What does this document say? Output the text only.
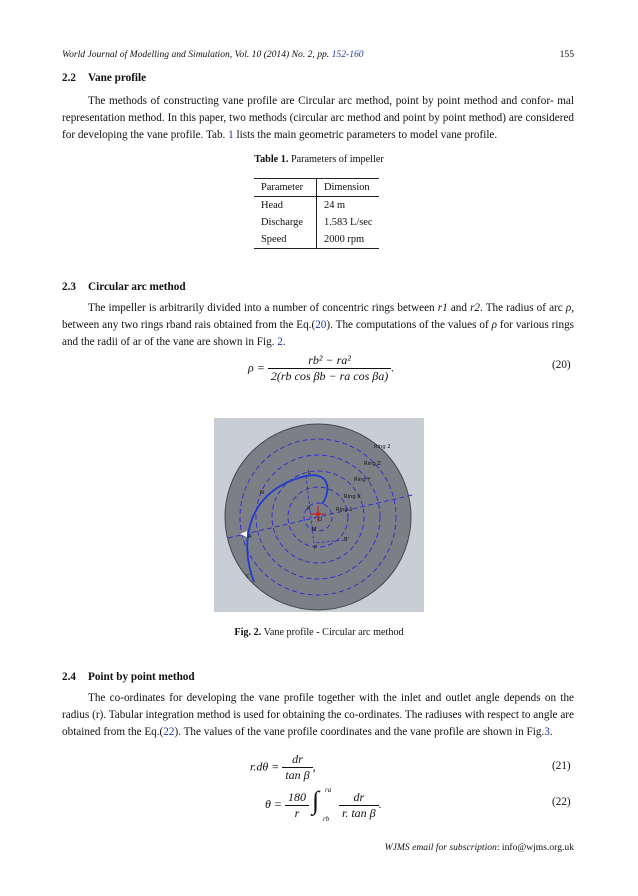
World Journal of Modelling and Simulation, Vol. 10 (2014) No. 2, pp. 152-160	155
2.2 Vane profile
The methods of constructing vane profile are Circular arc method, point by point method and confor- mal representation method. In this paper, two methods (circular arc method and point by point method) are considered for developing the vane profile. Tab. 1 lists the main geometric parameters to model vane profile.
Table 1. Parameters of impeller
Parameter	Dimension
Head	24 m
Discharge	1.583 L/sec
Speed	2000 rpm
2.3 Circular arc method
The impeller is arbitrarily divided into a number of concentric rings between r1 and r2. The radius of arc ρ, between any two rings rband rais obtained from the Eq.(20). The computations of the values of ρ for various rings and the radii of ar of the vane are shown in Fig. 2.
$\rho = \frac{\text{rb² − ra²}}{\text{2(rb cos βb − ra cos βa)}}$ .	(20)
Ring 2
Ring Z
Ring Y
Ring X
Ring 1
L
N
K
M
P
B'
O
A
C
Fig. 2. Vane profile - Circular arc method
2.4 Point by point method
The co-ordinates for developing the vane profile together with the inlet and outlet angle depends on the radius (r). Tabular integration method is used for obtaining the co-ordinates. The radiuses with respect to angle are obtained from the Eq.(22). The values of the vane profile coordinates and the vane profile are shown in Fig.3.
$r.d\theta = \frac{dr}{\text{tan β}}$ ,	(21)
$\theta = \frac{180}{r}$
∫ ra
rb
$\frac{dr}{\text{r. tan β}}$ .	(22)
WJMS email for subscription: info@wjms.org.uk
